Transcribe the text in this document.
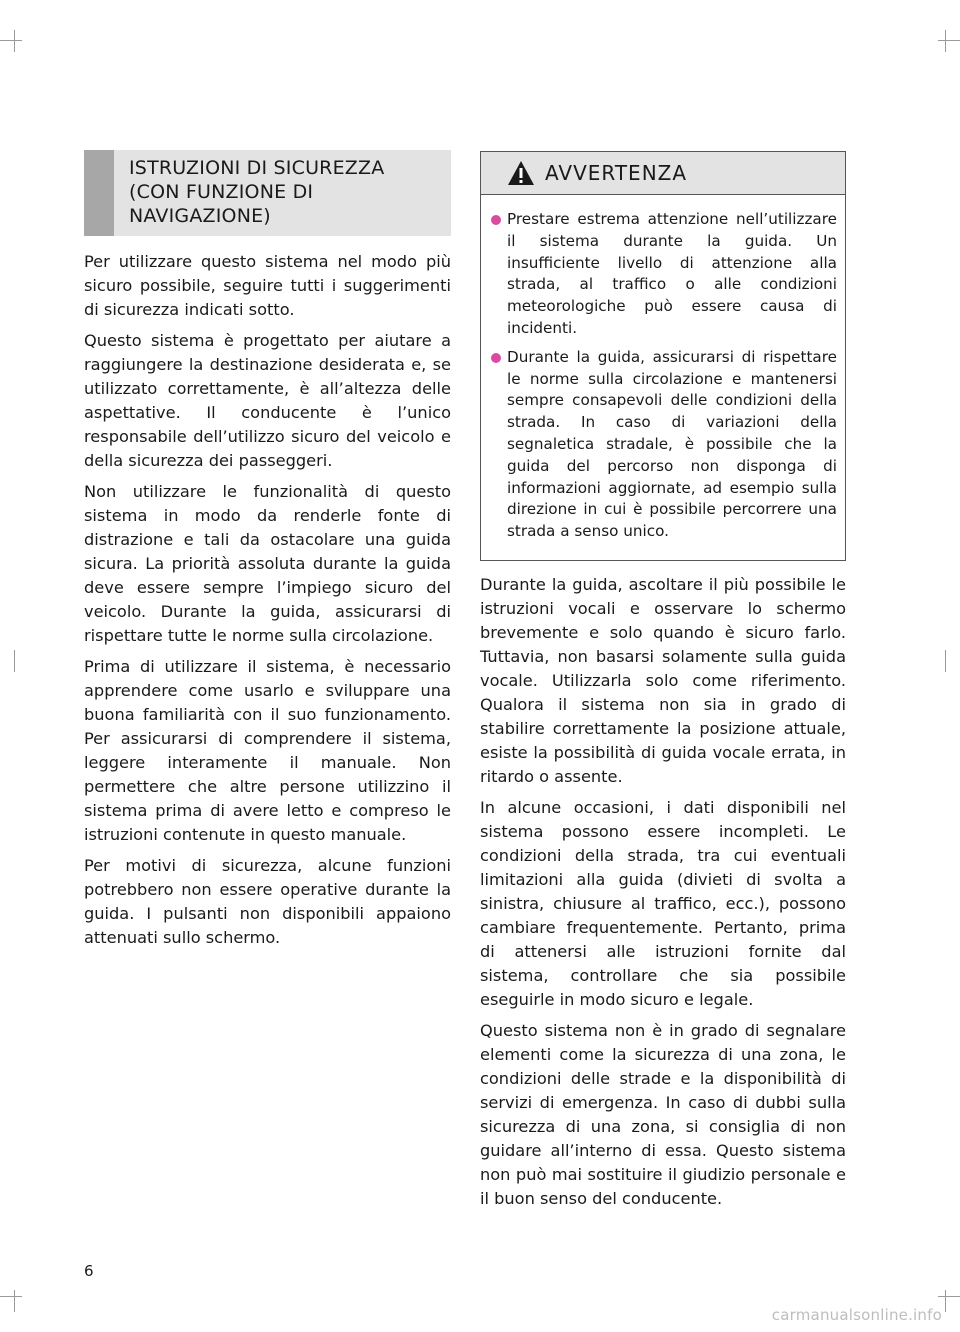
ISTRUZIONI DI SICUREZZA
(CON FUNZIONE DI
NAVIGAZIONE)

Per utilizzare questo sistema nel modo più sicuro possibile, seguire tutti i suggerimenti di sicurezza indicati sotto.

Questo sistema è progettato per aiutare a raggiungere la destinazione desiderata e, se utilizzato correttamente, è all’altezza delle aspettative. Il conducente è l’unico responsabile dell’utilizzo sicuro del veicolo e della sicurezza dei passeggeri.

Non utilizzare le funzionalità di questo sistema in modo da renderle fonte di distrazione e tali da ostacolare una guida sicura. La priorità assoluta durante la guida deve essere sempre l’impiego sicuro del veicolo. Durante la guida, assicurarsi di rispettare tutte le norme sulla circolazione.

Prima di utilizzare il sistema, è necessario apprendere come usarlo e sviluppare una buona familiarità con il suo funzionamento. Per assicurarsi di comprendere il sistema, leggere interamente il manuale. Non permettere che altre persone utilizzino il sistema prima di avere letto e compreso le istruzioni contenute in questo manuale.

Per motivi di sicurezza, alcune funzioni potrebbero non essere operative durante la guida. I pulsanti non disponibili appaiono attenuati sullo schermo.

AVVERTENZA
Prestare estrema attenzione nell’utilizzare il sistema durante la guida. Un insufficiente livello di attenzione alla strada, al traffico o alle condizioni meteorologiche può essere causa di incidenti.
Durante la guida, assicurarsi di rispettare le norme sulla circolazione e mantenersi sempre consapevoli delle condizioni della strada. In caso di variazioni della segnaletica stradale, è possibile che la guida del percorso non disponga di informazioni aggiornate, ad esempio sulla direzione in cui è possibile percorrere una strada a senso unico.

Durante la guida, ascoltare il più possibile le istruzioni vocali e osservare lo schermo brevemente e solo quando è sicuro farlo. Tuttavia, non basarsi solamente sulla guida vocale. Utilizzarla solo come riferimento. Qualora il sistema non sia in grado di stabilire correttamente la posizione attuale, esiste la possibilità di guida vocale errata, in ritardo o assente.

In alcune occasioni, i dati disponibili nel sistema possono essere incompleti. Le condizioni della strada, tra cui eventuali limitazioni alla guida (divieti di svolta a sinistra, chiusure al traffico, ecc.), possono cambiare frequentemente. Pertanto, prima di attenersi alle istruzioni fornite dal sistema, controllare che sia possibile eseguirle in modo sicuro e legale.

Questo sistema non è in grado di segnalare elementi come la sicurezza di una zona, le condizioni delle strade e la disponibilità di servizi di emergenza. In caso di dubbi sulla sicurezza di una zona, si consiglia di non guidare all’interno di essa. Questo sistema non può mai sostituire il giudizio personale e il buon senso del conducente.

6
carmanualsonline.info
